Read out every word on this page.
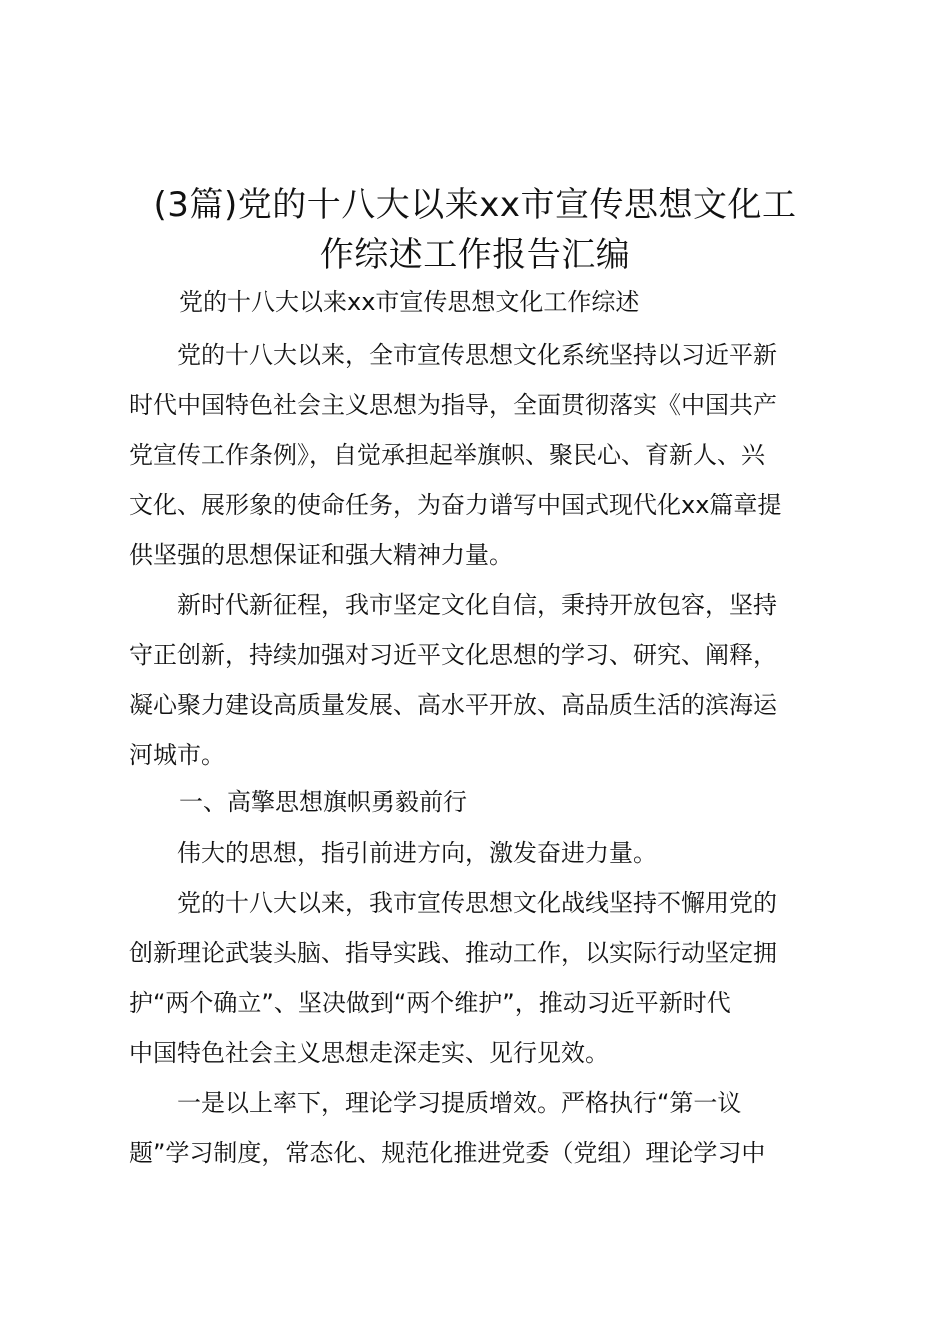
(3篇)党的十八大以来xx市宣传思想文化工
作综述工作报告汇编
党的十八大以来xx市宣传思想文化工作综述

党的十八大以来，全市宣传思想文化系统坚持以习近平新
时代中国特色社会主义思想为指导，全面贯彻落实《中国共产
党宣传工作条例》，自觉承担起举旗帜、聚民心、育新人、兴
文化、展形象的使命任务，为奋力谱写中国式现代化xx篇章提
供坚强的思想保证和强大精神力量。

新时代新征程，我市坚定文化自信，秉持开放包容，坚持
守正创新，持续加强对习近平文化思想的学习、研究、阐释，
凝心聚力建设高质量发展、高水平开放、高品质生活的滨海运
河城市。

一、高擎思想旗帜勇毅前行

伟大的思想，指引前进方向，激发奋进力量。

党的十八大以来，我市宣传思想文化战线坚持不懈用党的
创新理论武装头脑、指导实践、推动工作，以实际行动坚定拥
护“两个确立”、坚决做到“两个维护”，推动习近平新时代
中国特色社会主义思想走深走实、见行见效。

一是以上率下，理论学习提质增效。严格执行“第一议
题”学习制度，常态化、规范化推进党委（党组）理论学习中
